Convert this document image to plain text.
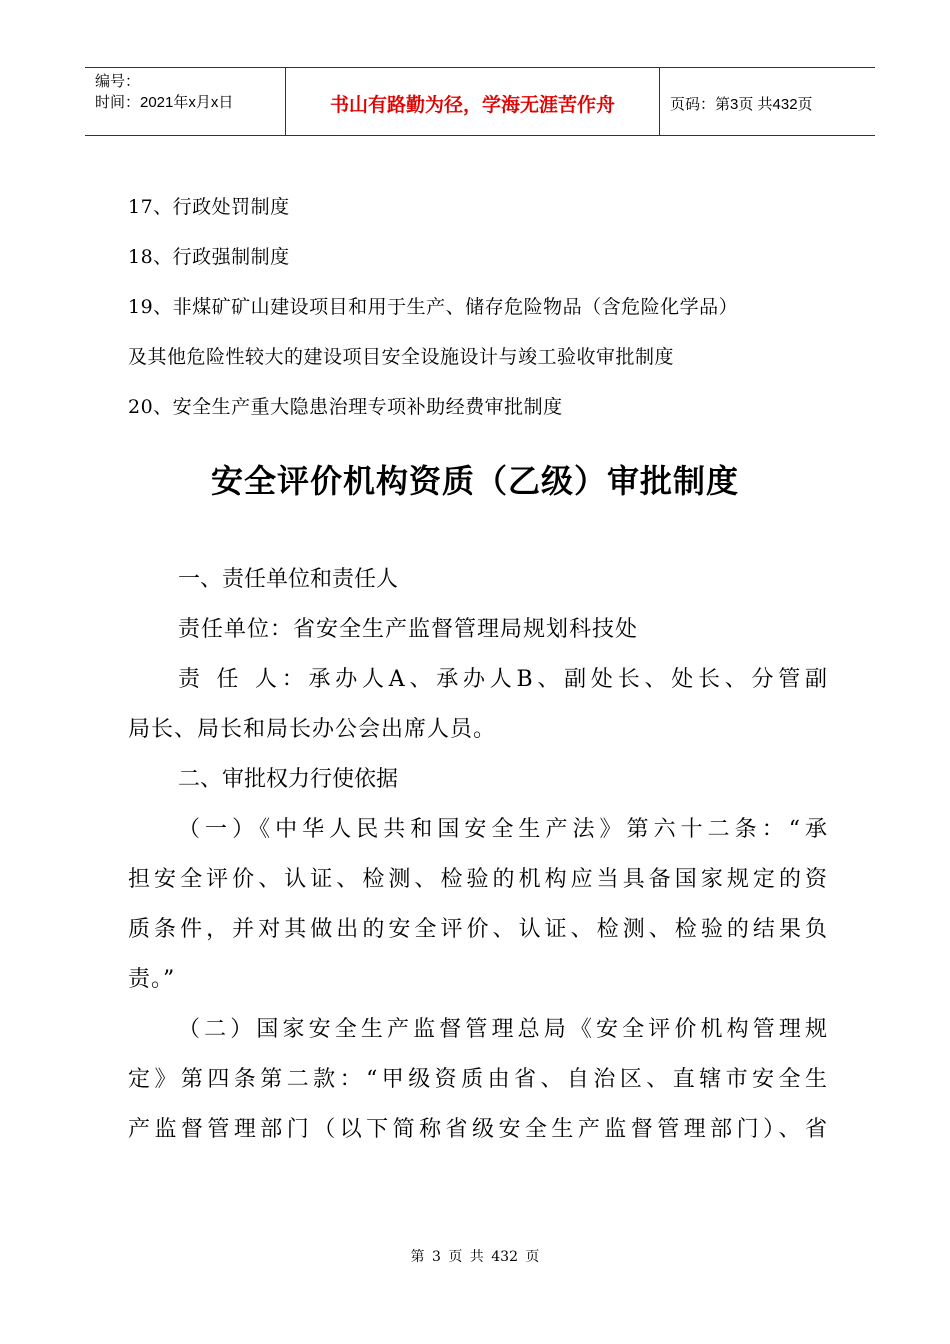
编号：
时间：2021年x月x日	书山有路勤为径，学海无涯苦作舟	页码：第3页 共432页
17、行政处罚制度
18、行政强制制度
19、非煤矿矿山建设项目和用于生产、储存危险物品（含危险化学品）
及其他危险性较大的建设项目安全设施设计与竣工验收审批制度
20、安全生产重大隐患治理专项补助经费审批制度
安全评价机构资质（乙级）审批制度
一、责任单位和责任人
责任单位：省安全生产监督管理局规划科技处
责 任 人：承办人A、承办人B、副处长、处长、分管副
局长、局长和局长办公会出席人员。
二、审批权力行使依据
（一）《中华人民共和国安全生产法》第六十二条：“承
担安全评价、认证、检测、检验的机构应当具备国家规定的资
质条件，并对其做出的安全评价、认证、检测、检验的结果负
责。”
（二）国家安全生产监督管理总局《安全评价机构管理规
定》第四条第二款：“甲级资质由省、自治区、直辖市安全生
产监督管理部门（以下简称省级安全生产监督管理部门）、省
第 3 页 共 432 页
